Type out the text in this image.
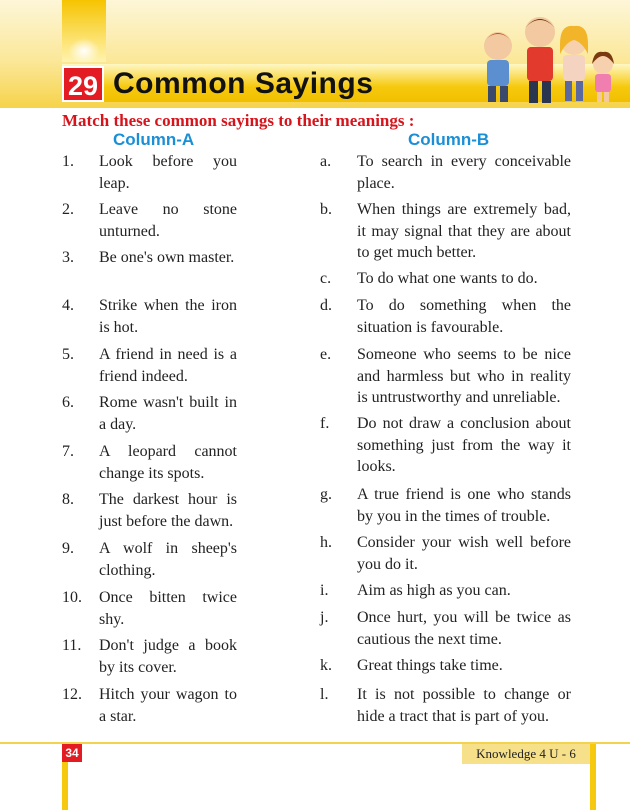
29 Common Sayings
Match these common sayings to their meanings :
Column-A	Column-B
1.	Look before you leap.
2.	Leave no stone unturned.
3.	Be one's own master.
4.	Strike when the iron is hot.
5.	A friend in need is a friend indeed.
6.	Rome wasn't built in a day.
7.	A leopard cannot change its spots.
8.	The darkest hour is just before the dawn.
9.	A wolf in sheep's clothing.
10.	Once bitten twice shy.
11.	Don't judge a book by its cover.
12.	Hitch your wagon to a star.
a.	To search in every conceivable place.
b.	When things are extremely bad, it may signal that they are about to get much better.
c.	To do what one wants to do.
d.	To do something when the situation is favourable.
e.	Someone who seems to be nice and harmless but who in reality is untrustworthy and unreliable.
f.	Do not draw a conclusion about something just from the way it looks.
g.	A true friend is one who stands by you in the times of trouble.
h.	Consider your wish well before you do it.
i.	Aim as high as you can.
j.	Once hurt, you will be twice as cautious the next time.
k.	Great things take time.
l.	It is not possible to change or hide a tract that is part of you.
34	Knowledge 4 U - 6
